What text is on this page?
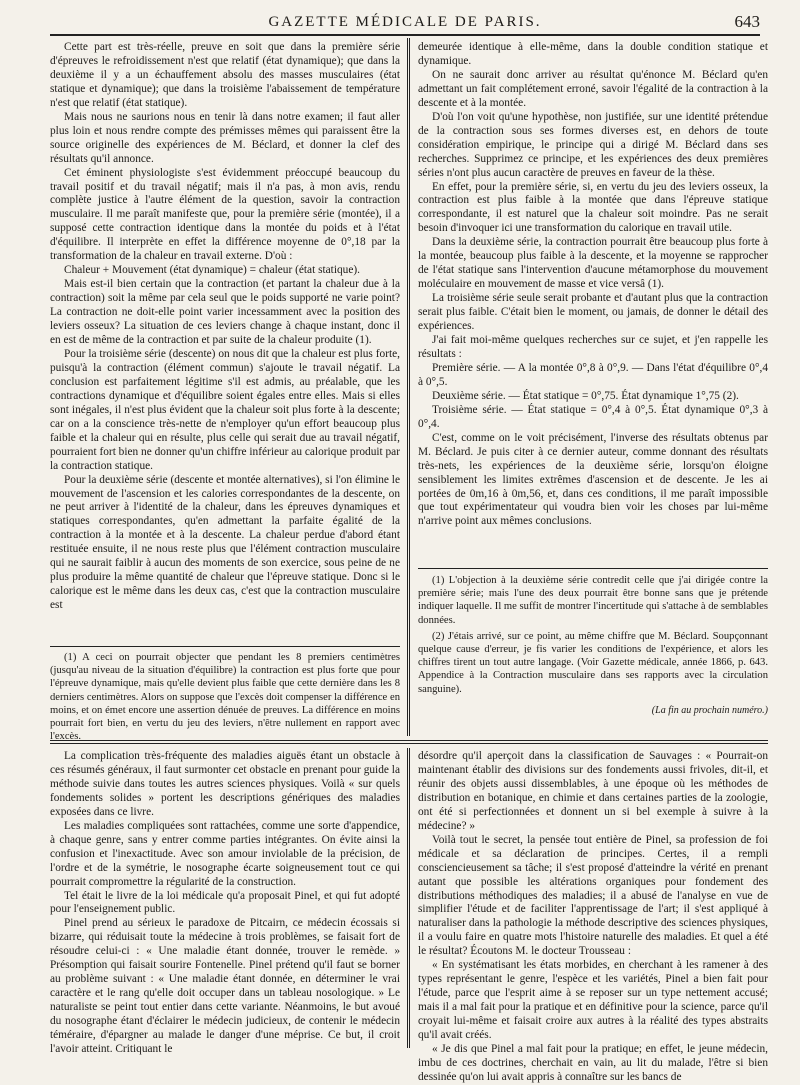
GAZETTE MÉDICALE DE PARIS.	643

Cette part est très-réelle, preuve en soit que dans la première série d'épreuves le refroidissement n'est que relatif (état dynamique); que dans la deuxième il y a un échauffement absolu des masses musculaires (état statique et dynamique); que dans la troisième l'abaissement de température n'est que relatif (état statique).

Mais nous ne saurions nous en tenir là dans notre examen; il faut aller plus loin et nous rendre compte des prémisses mêmes qui paraissent être la source originelle des expériences de M. Béclard, et donner la clef des résultats qu'il annonce.

Cet éminent physiologiste s'est évidemment préoccupé beaucoup du travail positif et du travail négatif; mais il n'a pas, à mon avis, rendu complète justice à l'autre élément de la question, savoir la contraction musculaire. Il me paraît manifeste que, pour la première série (montée), il a supposé cette contraction identique dans la montée du poids et à l'état d'équilibre. Il interprète en effet la différence moyenne de 0°,18 par la transformation de la chaleur en travail externe. D'où :

Chaleur + Mouvement (état dynamique) = chaleur (état statique).

Mais est-il bien certain que la contraction (et partant la chaleur due à la contraction) soit la même par cela seul que le poids supporté ne varie point? La contraction ne doit-elle point varier incessamment avec la position des leviers osseux? La situation de ces leviers change à chaque instant, donc il en est de même de la contraction et par suite de la chaleur produite (1).

Pour la troisième série (descente) on nous dit que la chaleur est plus forte, puisqu'à la contraction (élément commun) s'ajoute le travail négatif. La conclusion est parfaitement légitime s'il est admis, au préalable, que les contractions dynamique et d'équilibre soient égales entre elles. Mais si elles sont inégales, il n'est plus évident que la chaleur soit plus forte à la descente; car on a la conscience très-nette de n'employer qu'un effort beaucoup plus faible et la chaleur qui en résulte, plus celle qui serait due au travail négatif, pourraient fort bien ne donner qu'un chiffre inférieur au calorique produit par la contraction statique.

Pour la deuxième série (descente et montée alternatives), si l'on élimine le mouvement de l'ascension et les calories correspondantes de la descente, on ne peut arriver à l'identité de la chaleur, dans les épreuves dynamiques et statiques correspondantes, qu'en admettant la parfaite égalité de la contraction à la montée et à la descente. La chaleur perdue d'abord étant restituée ensuite, il ne nous reste plus que l'élément contraction musculaire qui ne saurait faiblir à aucun des moments de son exercice, sous peine de ne plus produire la même quantité de chaleur que l'épreuve statique. Donc si le calorique est le même dans les deux cas, c'est que la contraction musculaire est

(1) A ceci on pourrait objecter que pendant les 8 premiers centimètres (jusqu'au niveau de la situation d'équilibre) la contraction est plus forte que pour l'épreuve dynamique, mais qu'elle devient plus faible que cette dernière dans les 8 derniers centimètres. Alors on suppose que l'excès doit compenser la différence en moins, et on émet encore une assertion dénuée de preuves. La différence en moins pourrait fort bien, en vertu du jeu des leviers, n'être nullement en rapport avec l'excès.

demeurée identique à elle-même, dans la double condition statique et dynamique.

On ne saurait donc arriver au résultat qu'énonce M. Béclard qu'en admettant un fait complétement erroné, savoir l'égalité de la contraction à la descente et à la montée.

D'où l'on voit qu'une hypothèse, non justifiée, sur une identité prétendue de la contraction sous ses formes diverses est, en dehors de toute considération empirique, le principe qui a dirigé M. Béclard dans ses recherches. Supprimez ce principe, et les expériences des deux premières séries n'ont plus aucun caractère de preuves en faveur de la thèse.

En effet, pour la première série, si, en vertu du jeu des leviers osseux, la contraction est plus faible à la montée que dans l'épreuve statique correspondante, il est naturel que la chaleur soit moindre. Pas ne serait besoin d'invoquer ici une transformation du calorique en travail utile.

Dans la deuxième série, la contraction pourrait être beaucoup plus forte à la montée, beaucoup plus faible à la descente, et la moyenne se rapprocher de l'état statique sans l'intervention d'aucune métamorphose du mouvement moléculaire en mouvement de masse et vice versâ (1).

La troisième série seule serait probante et d'autant plus que la contraction serait plus faible. C'était bien le moment, ou jamais, de donner le détail des expériences.

J'ai fait moi-même quelques recherches sur ce sujet, et j'en rappelle les résultats :

Première série. — A la montée 0°,8 à 0°,9. — Dans l'état d'équilibre 0°,4 à 0°,5.

Deuxième série. — État statique = 0°,75. État dynamique 1°,75 (2).

Troisième série. — État statique = 0°,4 à 0°,5. État dynamique 0°,3 à 0°,4.

C'est, comme on le voit précisément, l'inverse des résultats obtenus par M. Béclard. Je puis citer à ce dernier auteur, comme donnant des résultats très-nets, les expériences de la deuxième série, lorsqu'on éloigne sensiblement les limites extrêmes d'ascension et de descente. Je les ai portées de 0m,16 à 0m,56, et, dans ces conditions, il me paraît impossible que tout expérimentateur qui voudra bien voir les choses par lui-même n'arrive point aux mêmes conclusions.

(1) L'objection à la deuxième série contredit celle que j'ai dirigée contre la première série; mais l'une des deux pourrait être bonne sans que je prétende indiquer laquelle. Il me suffit de montrer l'incertitude qui s'attache à de semblables données.

(2) J'étais arrivé, sur ce point, au même chiffre que M. Béclard. Soupçonnant quelque cause d'erreur, je fis varier les conditions de l'expérience, et alors les chiffres tirent un tout autre langage. (Voir Gazette médicale, année 1866, p. 643. Appendice à la Contraction musculaire dans ses rapports avec la circulation sanguine).

(La fin au prochain numéro.)

La complication très-fréquente des maladies aiguës étant un obstacle à ces résumés généraux, il faut surmonter cet obstacle en prenant pour guide la méthode suivie dans toutes les autres sciences physiques. Voilà « sur quels fondements solides » portent les descriptions génériques des maladies exposées dans ce livre.

Les maladies compliquées sont rattachées, comme une sorte d'appendice, à chaque genre, sans y entrer comme parties intégrantes. On évite ainsi la confusion et l'inexactitude. Avec son amour inviolable de la précision, de l'ordre et de la symétrie, le nosographe écarte soigneusement tout ce qui pourrait compromettre la régularité de la construction.

Tel était le livre de la loi médicale qu'a proposait Pinel, et qui fut adopté pour l'enseignement public.

Pinel prend au sérieux le paradoxe de Pitcairn, ce médecin écossais si bizarre, qui réduisait toute la médecine à trois problèmes, se faisait fort de résoudre celui-ci : « Une maladie étant donnée, trouver le remède. » Présomption qui faisait sourire Fontenelle. Pinel prétend qu'il faut se borner au problème suivant : « Une maladie étant donnée, en déterminer le vrai caractère et le rang qu'elle doit occuper dans un tableau nosologique. » Le naturaliste se peint tout entier dans cette variante. Néanmoins, le but avoué du nosographe étant d'éclairer le médecin judicieux, de contenir le médecin téméraire, d'épargner au malade le danger d'une méprise. Ce but, il croit l'avoir atteint. Critiquant le

désordre qu'il aperçoit dans la classification de Sauvages : « Pourrait-on maintenant établir des divisions sur des fondements aussi frivoles, dit-il, et réunir des objets aussi dissemblables, à une époque où les méthodes de distribution en botanique, en chimie et dans certaines parties de la zoologie, ont été si perfectionnées et donnent un si bel exemple à suivre à la médecine? »

Voilà tout le secret, la pensée tout entière de Pinel, sa profession de foi médicale et sa déclaration de principes. Certes, il a rempli consciencieusement sa tâche; il s'est proposé d'atteindre la vérité en prenant autant que possible les altérations organiques pour fondement des distributions méthodiques des maladies; il a abusé de l'analyse en vue de simplifier l'étude et de faciliter l'apprentissage de l'art; il s'est appliqué à naturaliser dans la pathologie la méthode descriptive des sciences physiques, il a voulu faire en quatre mots l'histoire naturelle des maladies. Et quel a été le résultat? Écoutons M. le docteur Trousseau :

« En systématisant les états morbides, en cherchant à les ramener à des types représentant le genre, l'espèce et les variétés, Pinel a bien fait pour l'étude, parce que l'esprit aime à se reposer sur un type nettement accusé; mais il a mal fait pour la pratique et en définitive pour la science, parce qu'il croyait lui-même et faisait croire aux autres à la réalité des types abstraits qu'il avait créés.

« Je dis que Pinel a mal fait pour la pratique; en effet, le jeune médecin, imbu de ces doctrines, cherchait en vain, au lit du malade, l'être si bien dessinée qu'on lui avait appris à connaître sur les bancs de
